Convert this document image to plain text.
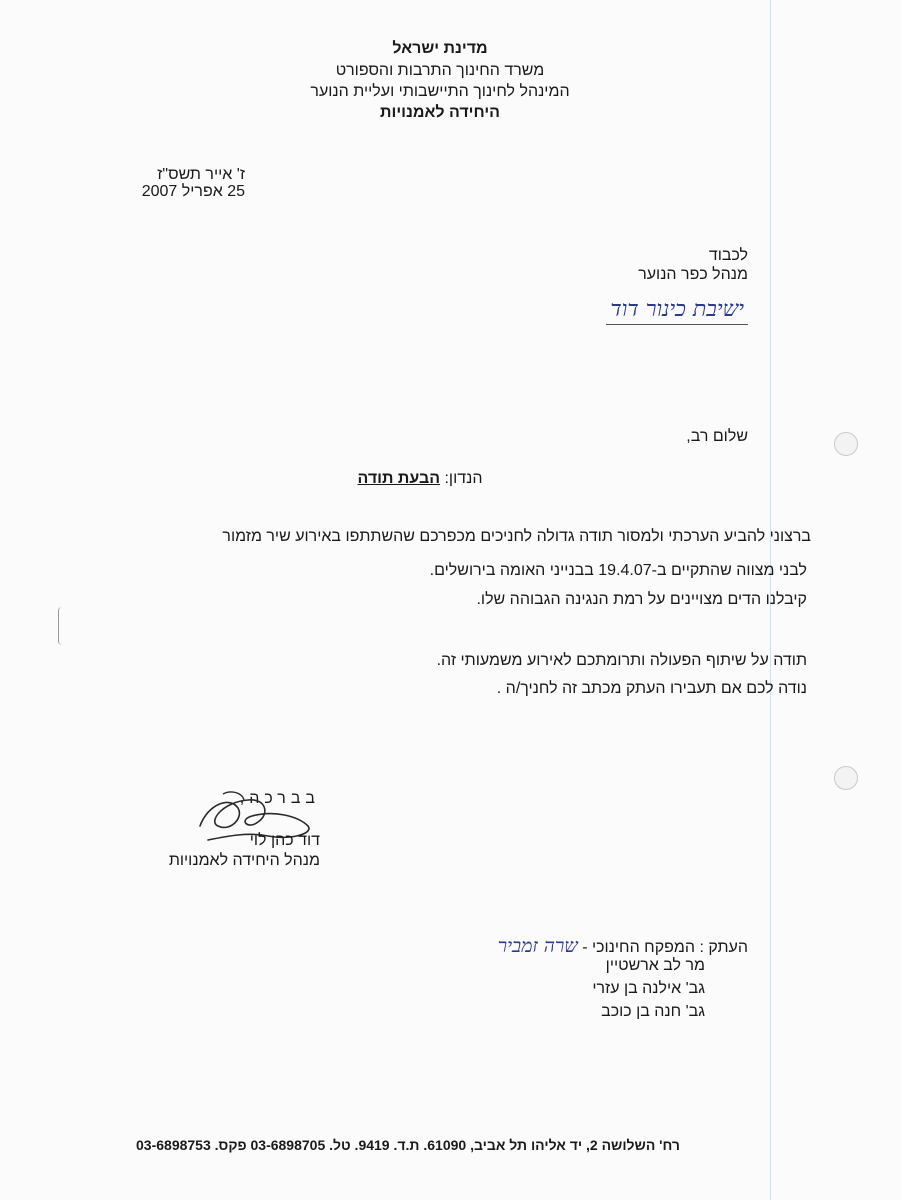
מדינת ישראל
משרד החינוך התרבות והספורט
המינהל לחינוך התיישבותי ועליית הנוער
היחידה לאמנויות
ז' אייר תשס"ז
25 אפריל 2007
לכבוד
מנהל כפר הנוער
ישיבת כינור דוד
שלום רב,
הנדון: הבעת תודה
ברצוני להביע הערכתי ולמסור תודה גדולה לחניכים מכפרכם שהשתתפו באירוע שיר מזמור
לבני מצווה שהתקיים ב-19.4.07 בבנייני האומה בירושלים.
קיבלנו הדים מצויינים על רמת הנגינה הגבוהה שלו.
תודה על שיתוף הפעולה ותרומתכם לאירוע משמעותי זה.
נודה לכם אם תעבירו העתק מכתב זה לחניך/ה .
בברכה,
דוד כהן לוי
מנהל היחידה לאמנויות
העתק : המפקח החינוכי - שרה זמביר
מר לב ארשטיין
גב' אילנה בן עזרי
גב' חנה בן כוכב
רח' השלושה 2, יד אליהו תל אביב, 61090. ת.ד. 9419. טל. 03-6898705 פקס. 03-6898753
